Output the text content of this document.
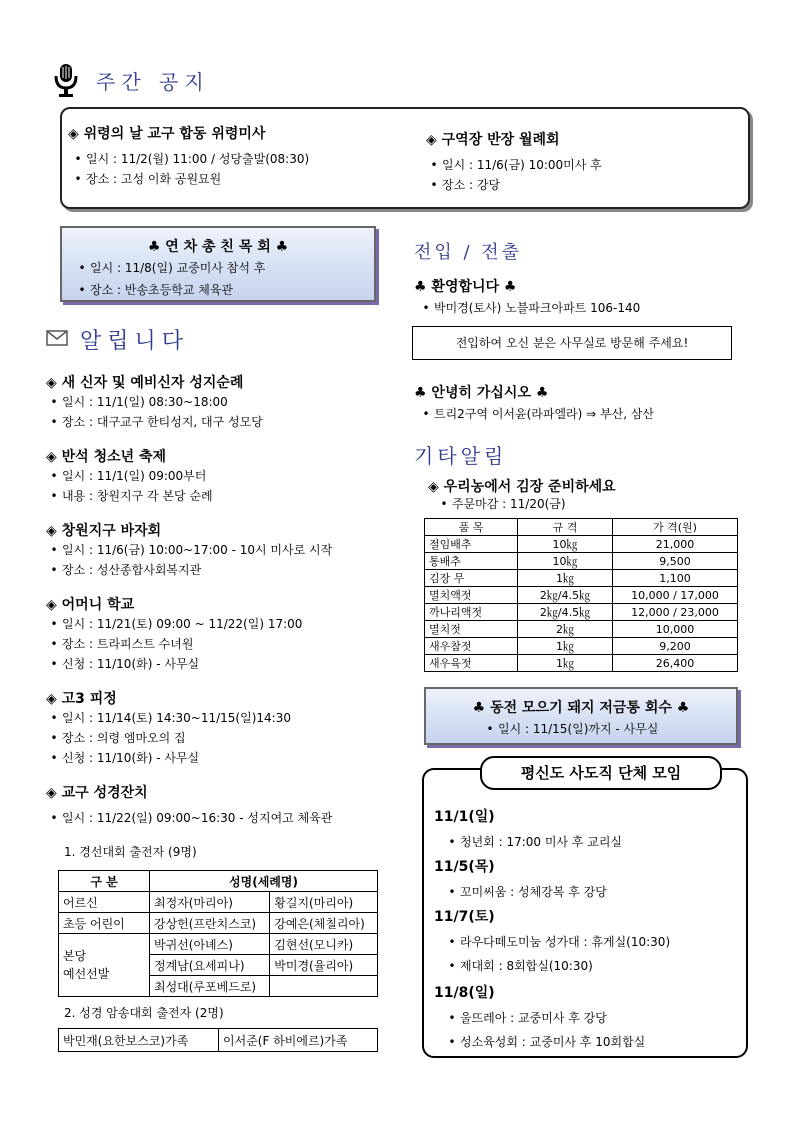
주간 공지
◈ 위령의 날 교구 합동 위령미사
• 일시 : 11/2(월) 11:00 / 성당출발(08:30)
• 장소 : 고성 이화 공원묘원
◈ 구역장 반장 월례회
• 일시 : 11/6(금) 10:00미사 후
• 장소 : 강당
♣ 연 차 총 친 목 회 ♣
• 일시 : 11/8(일) 교중미사 참석 후
• 장소 : 반송초등학교 체육관
알립니다
◈ 새 신자 및 예비신자 성지순례
• 일시 : 11/1(일) 08:30~18:00
• 장소 : 대구교구 한티성지, 대구 성모당
◈ 반석 청소년 축제
• 일시 : 11/1(일) 09:00부터
• 내용 : 창원지구 각 본당 순례
◈ 창원지구 바자회
• 일시 : 11/6(금) 10:00~17:00 - 10시 미사로 시작
• 장소 : 성산종합사회복지관
◈ 어머니 학교
• 일시 : 11/21(토) 09:00 ~ 11/22(일) 17:00
• 장소 : 트라피스트 수녀원
• 신청 : 11/10(화) - 사무실
◈ 고3 피정
• 일시 : 11/14(토) 14:30~11/15(일)14:30
• 장소 : 의령 엠마오의 집
• 신청 : 11/10(화) - 사무실
◈ 교구 성경잔치
• 일시 : 11/22(일) 09:00~16:30 - 성지여고 체육관
1. 경선대회 출전자 (9명)
구 분	성명(세례명)	
어르신	최정자(마리아)	황길지(마리아)
초등 어린이	강상헌(프란치스코)	강예은(체칠리아)
본당
예선선발	박귀선(아녜스)	김현선(모니카)
	정계남(요세피나)	박미경(율리아)
	최성대(루포베드로)	
2. 성경 암송대회 출전자 (2명)
박민재(요한보스코)가족	이서준(F 하비에르)가족
전입 / 전출
♣ 환영합니다 ♣
• 박미경(토사) 노블파크아파트 106-140
전입하여 오신 분은 사무실로 방문해 주세요!
♣ 안녕히 가십시오 ♣
• 트리2구역 이서윤(라파엘라) ⇒ 부산, 삼산
기타알림
◈ 우리농에서 김장 준비하세요
• 주문마감 : 11/20(금)
품 목	규 격	가 격(원)
절임배추	10㎏	21,000
통배추	10㎏	9,500
김장 무	1㎏	1,100
멸치액젓	2㎏/4.5㎏	10,000 / 17,000
까나리액젓	2㎏/4.5㎏	12,000 / 23,000
멸치젓	2㎏	10,000
새우참젓	1㎏	9,200
새우육젓	1㎏	26,400
♣ 동전 모으기 돼지 저금통 회수 ♣
• 일시 : 11/15(일)까지 - 사무실
평신도 사도직 단체 모임
11/1(일)
• 청년회 : 17:00 미사 후 교리실
11/5(목)
• 꼬미씨움 : 성체강복 후 강당
11/7(토)
• 라우다떼도미눔 성가대 : 휴게실(10:30)
• 제대회 : 8회합실(10:30)
11/8(일)
• 울뜨레아 : 교중미사 후 강당
• 성소육성회 : 교중미사 후 10회합실
